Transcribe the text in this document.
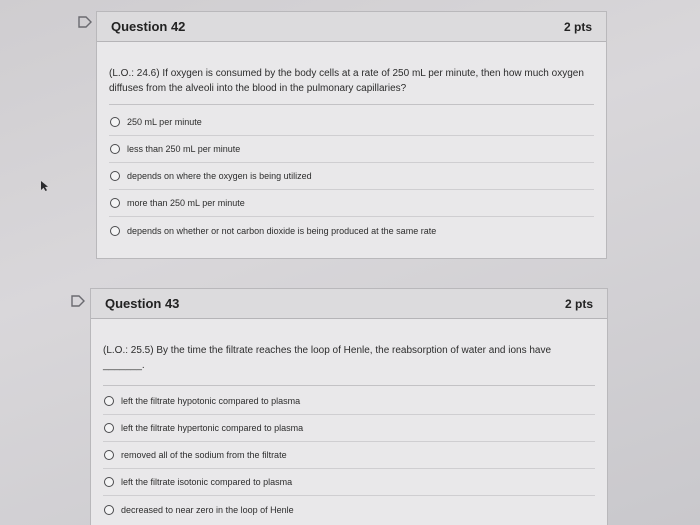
Question 42	2 pts
(L.O.: 24.6) If oxygen is consumed by the body cells at a rate of 250 mL per minute, then how much oxygen diffuses from the alveoli into the blood in the pulmonary capillaries?
250 mL per minute
less than 250 mL per minute
depends on where the oxygen is being utilized
more than 250 mL per minute
depends on whether or not carbon dioxide is being produced at the same rate
Question 43	2 pts
(L.O.: 25.5) By the time the filtrate reaches the loop of Henle, the reabsorption of water and ions have _______.
left the filtrate hypotonic compared to plasma
left the filtrate hypertonic compared to plasma
removed all of the sodium from the filtrate
left the filtrate isotonic compared to plasma
decreased to near zero in the loop of Henle
